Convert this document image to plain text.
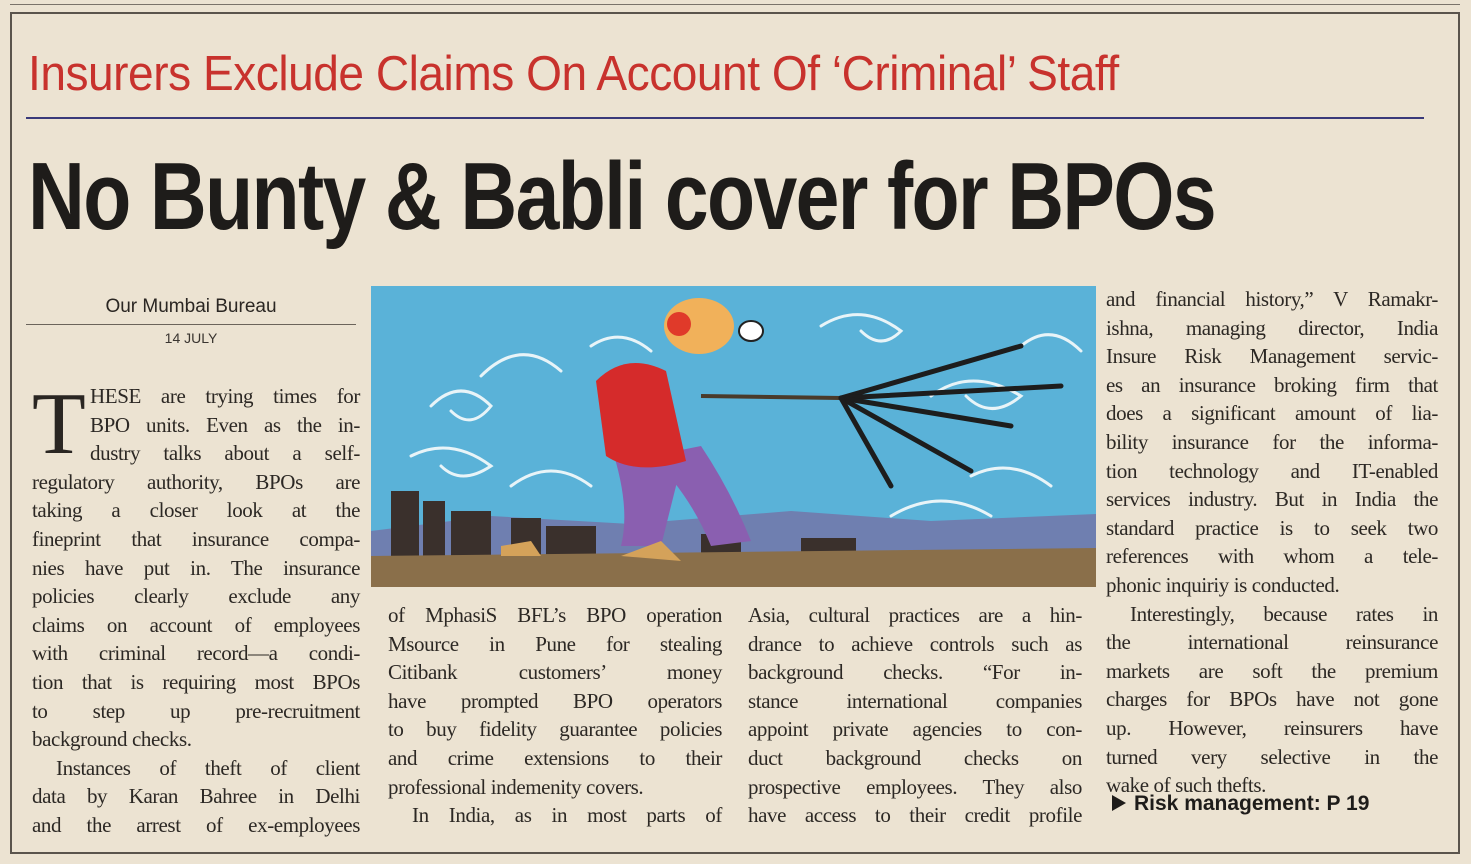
Insurers Exclude Claims On Account Of ‘Criminal’ Staff
No Bunty & Babli cover for BPOs
Our Mumbai Bureau
14 JULY
T HESE are trying times for
BPO units. Even as the in-
dustry talks about a self-
regulatory authority, BPOs are
taking a closer look at the
fineprint that insurance compa-
nies have put in. The insurance
policies clearly exclude any
claims on account of employees
with criminal record—a condi-
tion that is requiring most BPOs
to step up pre-recruitment
background checks.
Instances of theft of client
data by Karan Bahree in Delhi
and the arrest of ex-employees
of MphasiS BFL’s BPO operation
Msource in Pune for stealing
Citibank customers’ money
have prompted BPO operators
to buy fidelity guarantee policies
and crime extensions to their
professional indemenity covers.
In India, as in most parts of
Asia, cultural practices are a hin-
drance to achieve controls such as
background checks. “For in-
stance international companies
appoint private agencies to con-
duct background checks on
prospective employees. They also
have access to their credit profile
and financial history,” V Ramakr-
ishna, managing director, India
Insure Risk Management servic-
es an insurance broking firm that
does a significant amount of lia-
bility insurance for the informa-
tion technology and IT-enabled
services industry. But in India the
standard practice is to seek two
references with whom a tele-
phonic inquiriy is conducted.
Interestingly, because rates in
the international reinsurance
markets are soft the premium
charges for BPOs have not gone
up. However, reinsurers have
turned very selective in the
wake of such thefts.
Risk management: P 19
